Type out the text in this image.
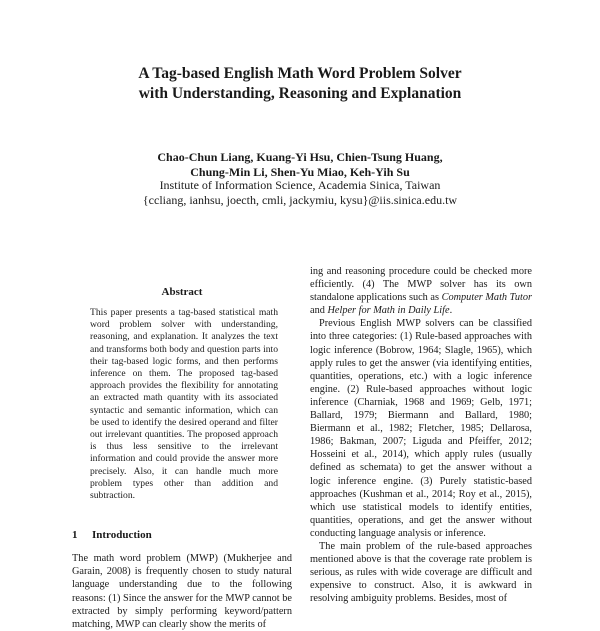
A Tag-based English Math Word Problem Solver
with Understanding, Reasoning and Explanation
Chao-Chun Liang, Kuang-Yi Hsu, Chien-Tsung Huang,
Chung-Min Li, Shen-Yu Miao, Keh-Yih Su
Institute of Information Science, Academia Sinica, Taiwan
{ccliang, ianhsu, joecth, cmli, jackymiu, kysu}@iis.sinica.edu.tw
Abstract
This paper presents a tag-based statistical math word problem solver with understanding, reasoning, and explanation. It analyzes the text and transforms both body and question parts into their tag-based logic forms, and then performs inference on them. The proposed tag-based approach provides the flexibility for annotating an extracted math quantity with its associated syntactic and semantic information, which can be used to identify the desired operand and filter out irrelevant quantities. The proposed approach is thus less sensitive to the irrelevant information and could provide the answer more precisely. Also, it can handle much more problem types other than addition and subtraction.
1 Introduction
The math word problem (MWP) (Mukherjee and Garain, 2008) is frequently chosen to study natural language understanding due to the following reasons: (1) Since the answer for the MWP cannot be extracted by simply performing keyword/pattern matching, MWP can clearly show the merits of

ing and reasoning procedure could be checked more efficiently. (4) The MWP solver has its own standalone applications such as Computer Math Tutor and Helper for Math in Daily Life.

Previous English MWP solvers can be classified into three categories: (1) Rule-based approaches with logic inference (Bobrow, 1964; Slagle, 1965), which apply rules to get the answer (via identifying entities, quantities, operations, etc.) with a logic inference engine. (2) Rule-based approaches without logic inference (Charniak, 1968 and 1969; Gelb, 1971; Ballard, 1979; Biermann and Ballard, 1980; Biermann et al., 1982; Fletcher, 1985; Dellarosa, 1986; Bakman, 2007; Liguda and Pfeiffer, 2012; Hosseini et al., 2014), which apply rules (usually defined as schemata) to get the answer without a logic inference engine. (3) Purely statistic-based approaches (Kushman et al., 2014; Roy et al., 2015), which use statistical models to identify entities, quantities, operations, and get the answer without conducting language analysis or inference.

The main problem of the rule-based approaches mentioned above is that the coverage rate problem is serious, as rules with wide coverage are difficult and expensive to construct. Also, it is awkward in resolving ambiguity problems. Besides, most of
